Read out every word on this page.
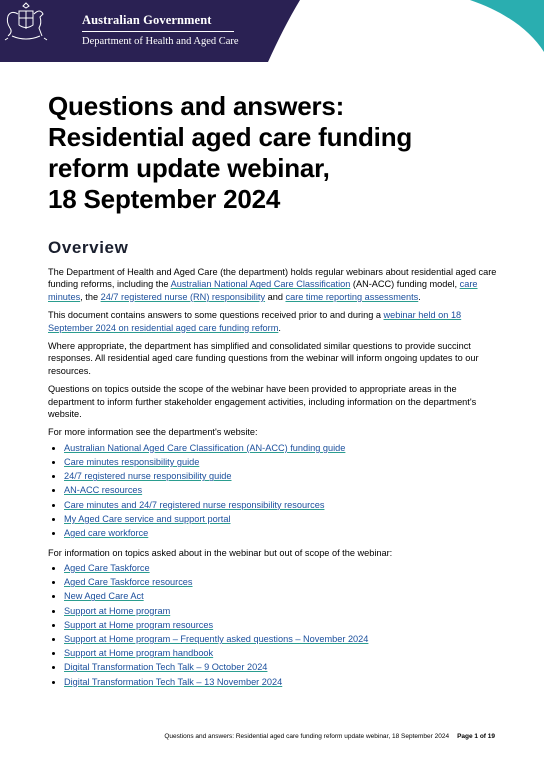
Australian Government
Department of Health and Aged Care
Questions and answers:
Residential aged care funding
reform update webinar,
18 September 2024
Overview

The Department of Health and Aged Care (the department) holds regular webinars about residential aged care funding reforms, including the Australian National Aged Care Classification (AN-ACC) funding model, care minutes, the 24/7 registered nurse (RN) responsibility and care time reporting assessments.

This document contains answers to some questions received prior to and during a webinar held on 18 September 2024 on residential aged care funding reform.

Where appropriate, the department has simplified and consolidated similar questions to provide succinct responses. All residential aged care funding questions from the webinar will inform ongoing updates to our resources.

Questions on topics outside the scope of the webinar have been provided to appropriate areas in the department to inform further stakeholder engagement activities, including information on the department's website.

For more information see the department's website:

• Australian National Aged Care Classification (AN-ACC) funding guide
• Care minutes responsibility guide
• 24/7 registered nurse responsibility guide
• AN-ACC resources
• Care minutes and 24/7 registered nurse responsibility resources
• My Aged Care service and support portal
• Aged care workforce

For information on topics asked about in the webinar but out of scope of the webinar:

• Aged Care Taskforce
• Aged Care Taskforce resources
• New Aged Care Act
• Support at Home program
• Support at Home program resources
• Support at Home program – Frequently asked questions – November 2024
• Support at Home program handbook
• Digital Transformation Tech Talk – 9 October 2024
• Digital Transformation Tech Talk – 13 November 2024
Questions and answers: Residential aged care funding reform update webinar, 18 September 2024 Page 1 of 19
